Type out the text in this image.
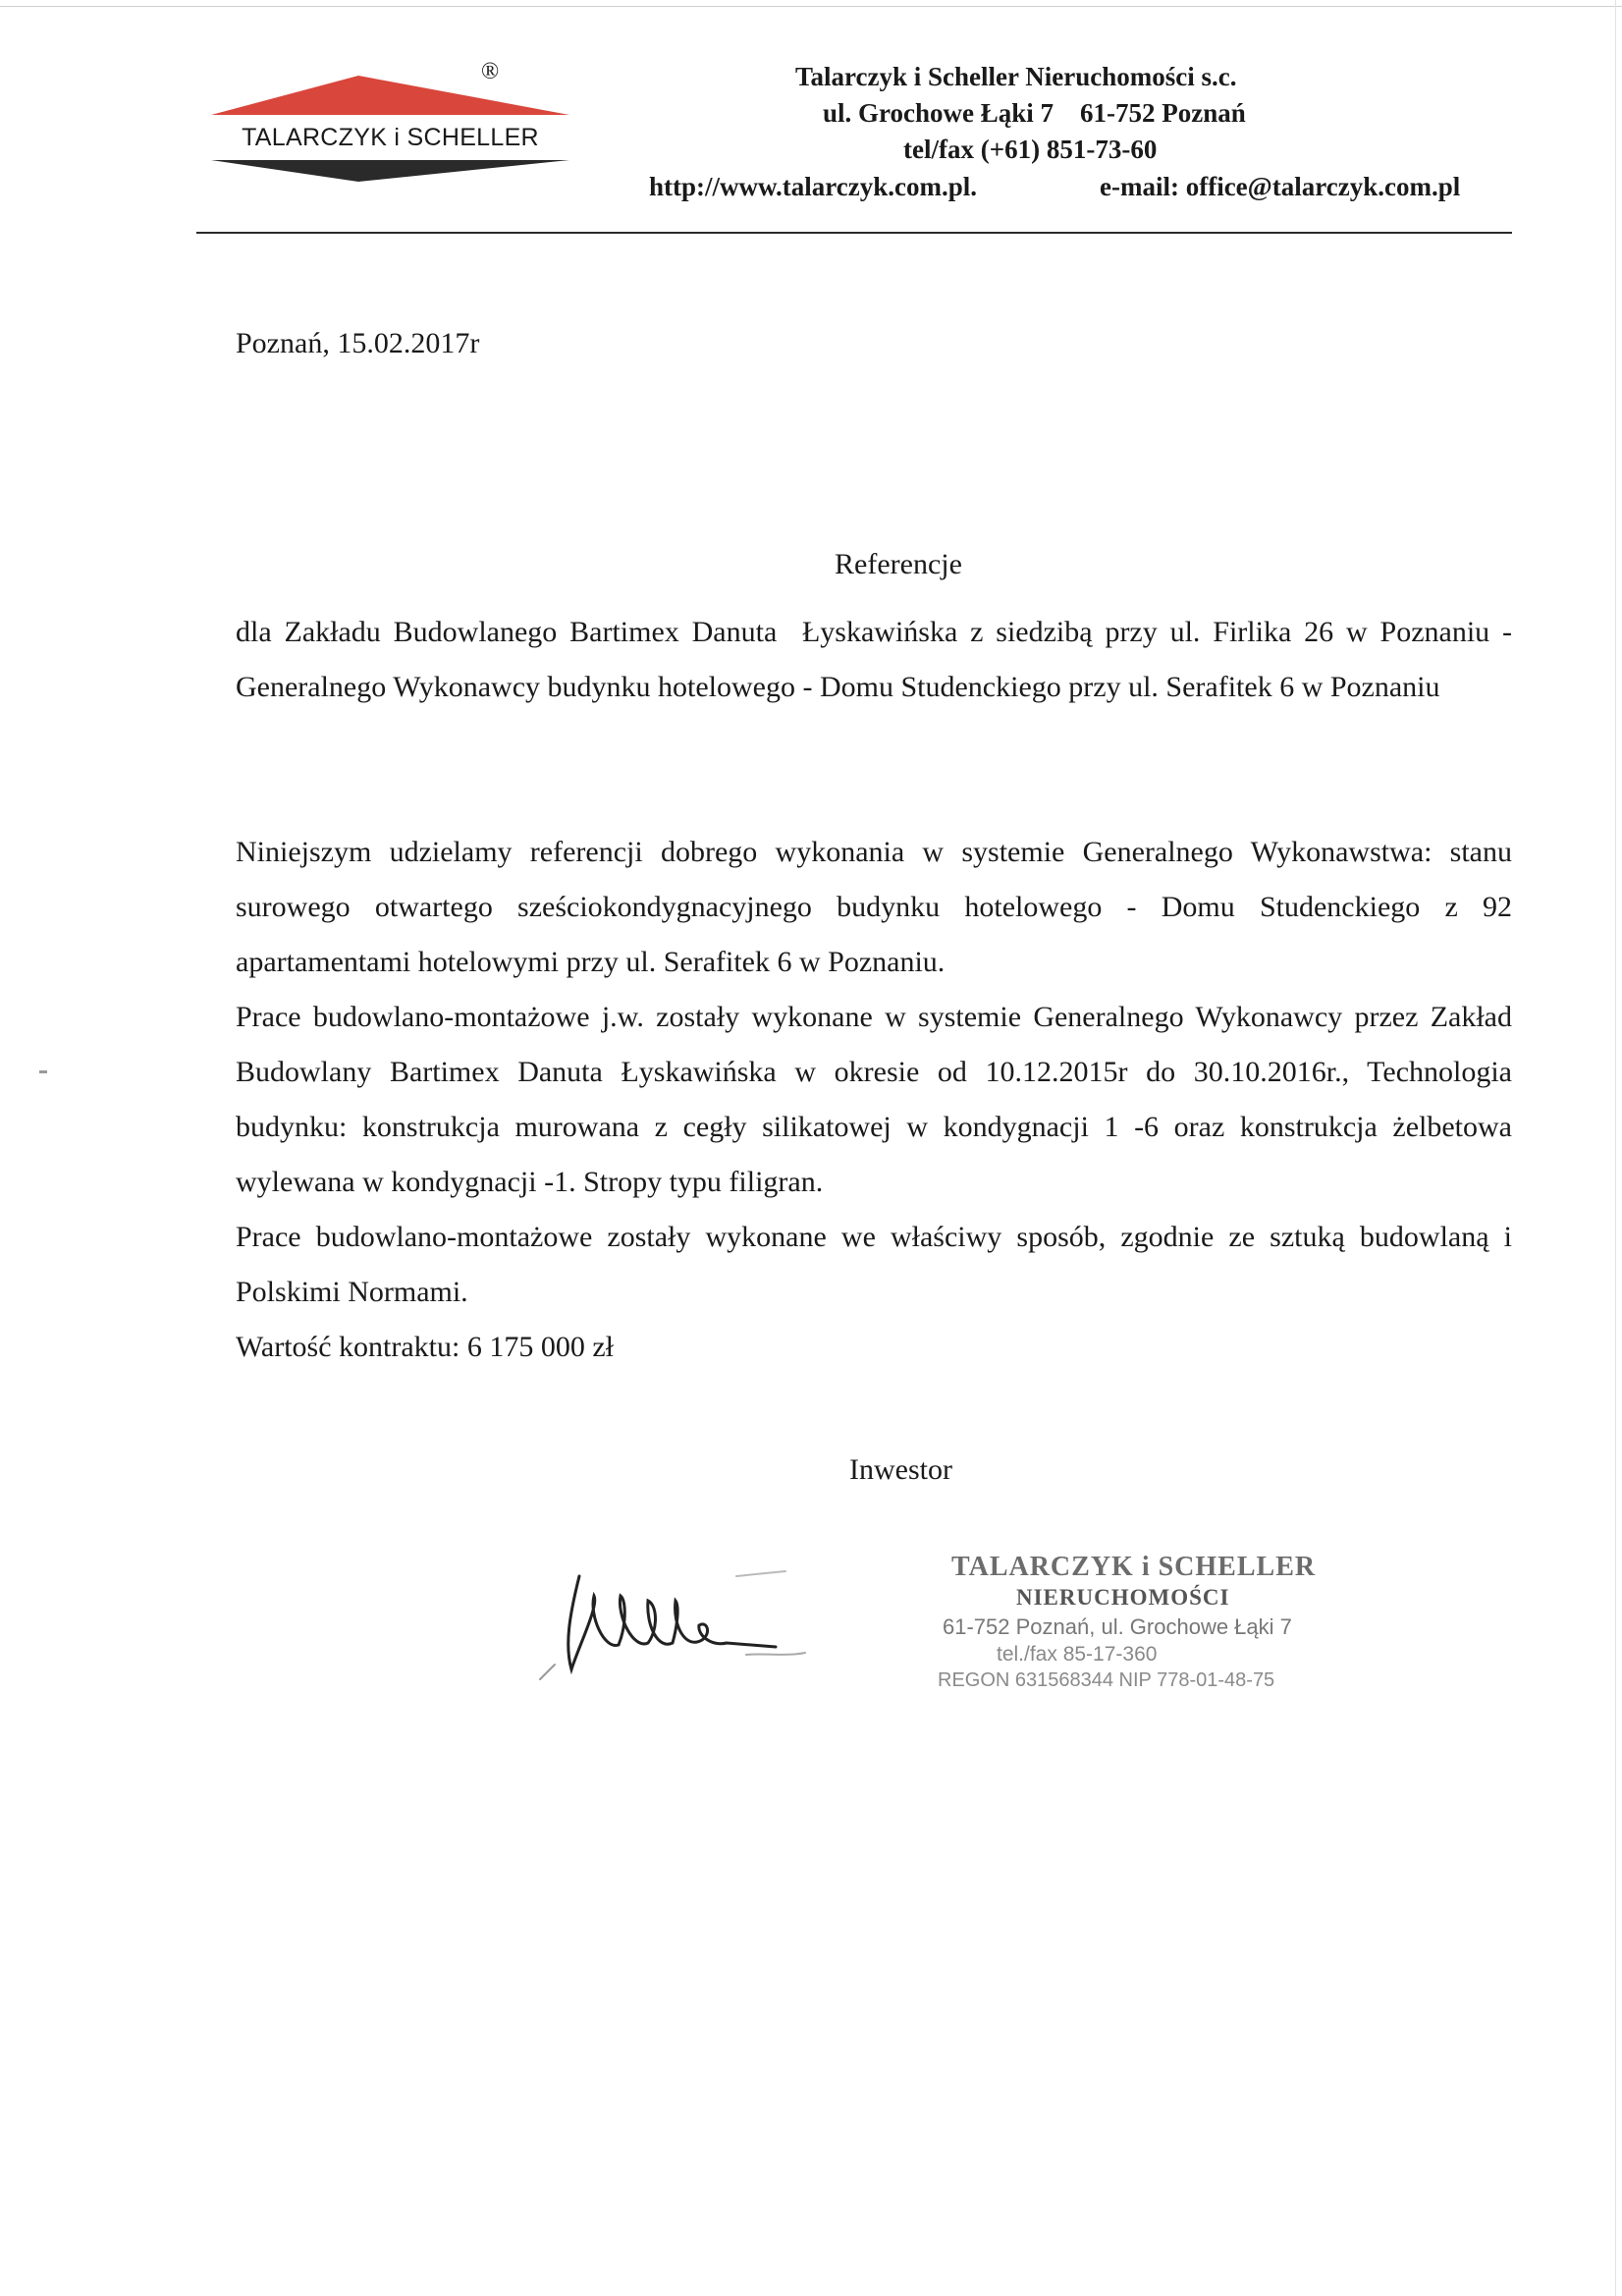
®
TALARCZYK i SCHELLER
Talarczyk i Scheller Nieruchomości s.c.
ul. Grochowe Łąki 7    61-752 Poznań
tel/fax (+61) 851-73-60
http://www.talarczyk.com.pl.	e-mail: office@talarczyk.com.pl
Poznań, 15.02.2017r
Referencje

dla Zakładu Budowlanego Bartimex Danuta  Łyskawińska z siedzibą przy ul. Firlika 26 w Poznaniu - Generalnego Wykonawcy budynku hotelowego - Domu Studenckiego przy ul. Serafitek 6 w Poznaniu

Niniejszym udzielamy referencji dobrego wykonania w systemie Generalnego Wykonawstwa: stanu surowego otwartego sześciokondygnacyjnego budynku hotelowego - Domu Studenckiego z 92 apartamentami hotelowymi przy ul. Serafitek 6 w Poznaniu.

Prace budowlano-montażowe j.w. zostały wykonane w systemie Generalnego Wykonawcy przez Zakład Budowlany Bartimex Danuta Łyskawińska w okresie od 10.12.2015r do 30.10.2016r., Technologia budynku: konstrukcja murowana z cegły silikatowej w kondygnacji 1 -6 oraz konstrukcja żelbetowa wylewana w kondygnacji -1. Stropy typu filigran.

Prace budowlano-montażowe zostały wykonane we właściwy sposób, zgodnie ze sztuką budowlaną i Polskimi Normami.

Wartość kontraktu: 6 175 000 zł

Inwestor
TALARCZYK i SCHELLER
NIERUCHOMOŚCI
61-752 Poznań, ul. Grochowe Łąki 7
tel./fax 85-17-360
REGON 631568344 NIP 778-01-48-75
